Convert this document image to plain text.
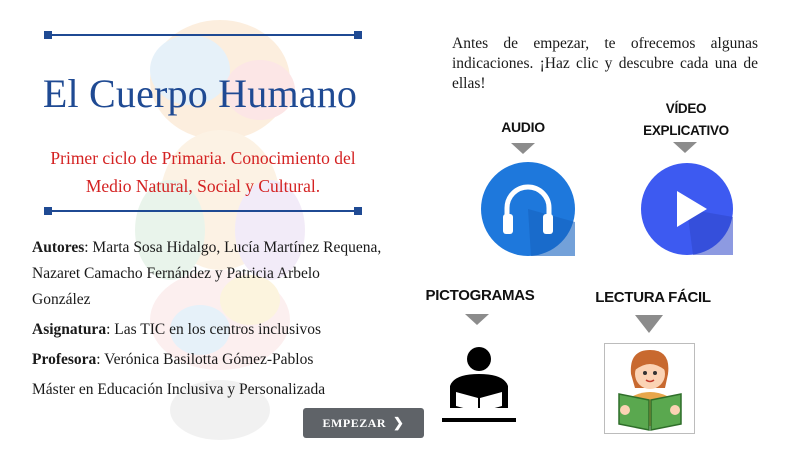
El Cuerpo Humano
Primer ciclo de Primaria. Conocimiento del Medio Natural, Social y Cultural.

Autores: Marta Sosa Hidalgo, Lucía Martínez Requena, Nazaret Camacho Fernández y Patricia Arbelo González

Asignatura: Las TIC en los centros inclusivos

Profesora: Verónica Basilotta Gómez-Pablos

Máster en Educación Inclusiva y Personalizada

EMPEZAR ❯

Antes de empezar, te ofrecemos algunas indicaciones. ¡Haz clic y descubre cada una de ellas!

AUDIO
VÍDEO
EXPLICATIVO
PICTOGRAMAS	LECTURA FÁCIL
